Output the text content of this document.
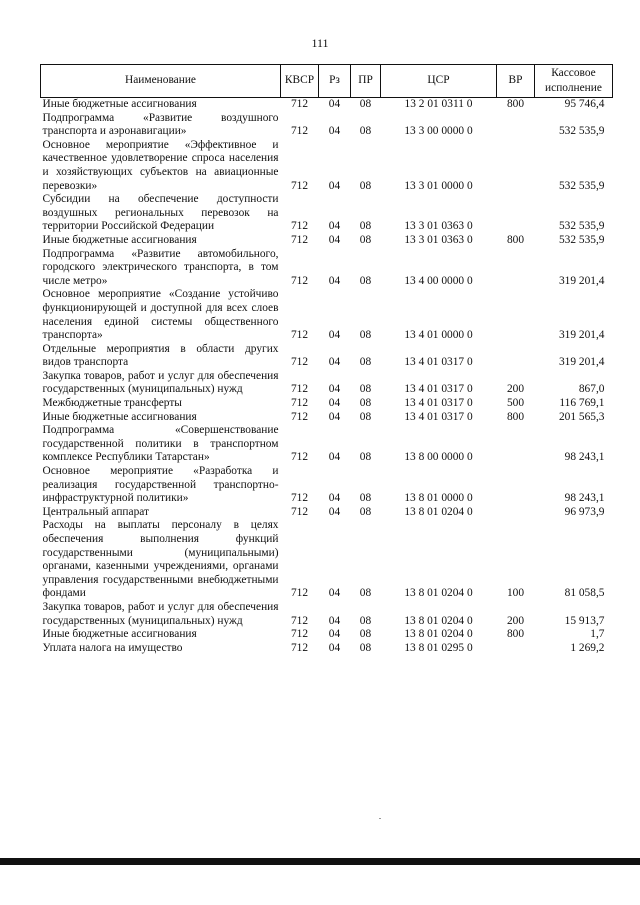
111
Наименование	КВСР	Рз	ПР	ЦСР	ВР	Кассовое исполнение
Иные бюджетные ассигнования	712	04	08	13 2 01 0311 0	800	95 746,4
Подпрограмма «Развитие воздушного транспорта и аэронавигации»	712	04	08	13 3 00 0000 0		532 535,9
Основное мероприятие «Эффективное и качественное удовлетворение спроса населения и хозяйствующих субъектов на авиационные перевозки»	712	04	08	13 3 01 0000 0		532 535,9
Субсидии на обеспечение доступности воздушных региональных перевозок на территории Российской Федерации	712	04	08	13 3 01 0363 0		532 535,9
Иные бюджетные ассигнования	712	04	08	13 3 01 0363 0	800	532 535,9
Подпрограмма «Развитие автомобильного, городского электрического транспорта, в том числе метро»	712	04	08	13 4 00 0000 0		319 201,4
Основное мероприятие «Создание устойчиво функционирующей и доступной для всех слоев населения единой системы общественного транспорта»	712	04	08	13 4 01 0000 0		319 201,4
Отдельные мероприятия в области других видов транспорта	712	04	08	13 4 01 0317 0		319 201,4
Закупка товаров, работ и услуг для обеспечения государственных (муниципальных) нужд	712	04	08	13 4 01 0317 0	200	867,0
Межбюджетные трансферты	712	04	08	13 4 01 0317 0	500	116 769,1
Иные бюджетные ассигнования	712	04	08	13 4 01 0317 0	800	201 565,3
Подпрограмма «Совершенствование государственной политики в транспортном комплексе Республики Татарстан»	712	04	08	13 8 00 0000 0		98 243,1
Основное мероприятие «Разработка и реализация государственной транспортно-инфраструктурной политики»	712	04	08	13 8 01 0000 0		98 243,1
Центральный аппарат	712	04	08	13 8 01 0204 0		96 973,9
Расходы на выплаты персоналу в целях обеспечения выполнения функций государственными (муниципальными) органами, казенными учреждениями, органами управления государственными внебюджетными фондами	712	04	08	13 8 01 0204 0	100	81 058,5
Закупка товаров, работ и услуг для обеспечения государственных (муниципальных) нужд	712	04	08	13 8 01 0204 0	200	15 913,7
Иные бюджетные ассигнования	712	04	08	13 8 01 0204 0	800	1,7
Уплата налога на имущество	712	04	08	13 8 01 0295 0		1 269,2
